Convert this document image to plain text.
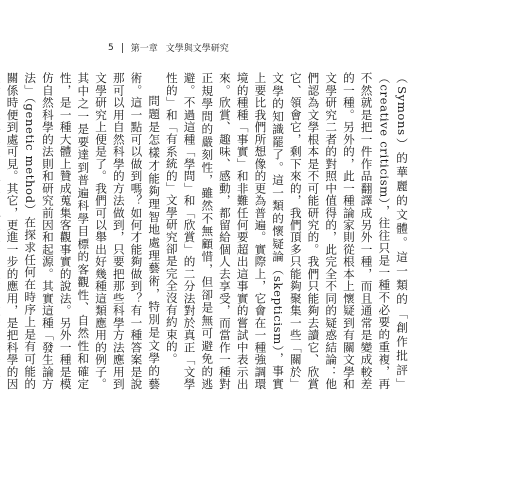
5 第一章 文學與文學研究

（Symons）的華麗的文體。這一類的「創作批評」（creative criticism），往往只是一種不必要的重複，再不然就是把一件作品翻譯成另外一種，而且通常是變成較差的一種。另外的，此一種論家則從根本上懷疑到有關文學和文學研究二者的對照中值得的，此完全不同的疑惑結論：他們認為文學根本是不可能研究的。我們只能夠去讀它、欣賞它、領會它，剩下來的，我們頂多只能夠聚集一些「關於」文學的知識罷了。這一類的懷疑論（skepticism），事實上要比我們所想像的更為普遍。實際上，它會在一種強調環境的種種「事實」和非難任何要超出這事實的嘗試中表示出來。欣賞、趣味、感動，都留給個人去享受，而當作一種對正規學問的嚴刻性，雖然不無顧惜，但卻是無可避免的逃避。不過這種「學問」和「欣賞」的二分法對於真正「文學性的」和「有系統的」文學研究卻是完全沒有約束的。

問題是怎樣才能夠理智地處理藝術，特別是文學的藝術。這一點可以做到嗎？如何才能夠做到？有一種答案是說那可以用自然科學的方法做到，只要把那些科學方法應用到文學研究上便是了。我們可以舉出好幾種這類應用的例子。其中之一是要達到普遍科學目標的客觀性、自然性和確定性，是一種大體上贊成蒐集客觀事實的說法。另外一種是模仿自然科學的法則和研究前因和起源。其實這種「發生論方法」（genetic method）在探求任何在時序上是有可能的關係時便到處可見。其它，更進一步的應用，是把科學的因
